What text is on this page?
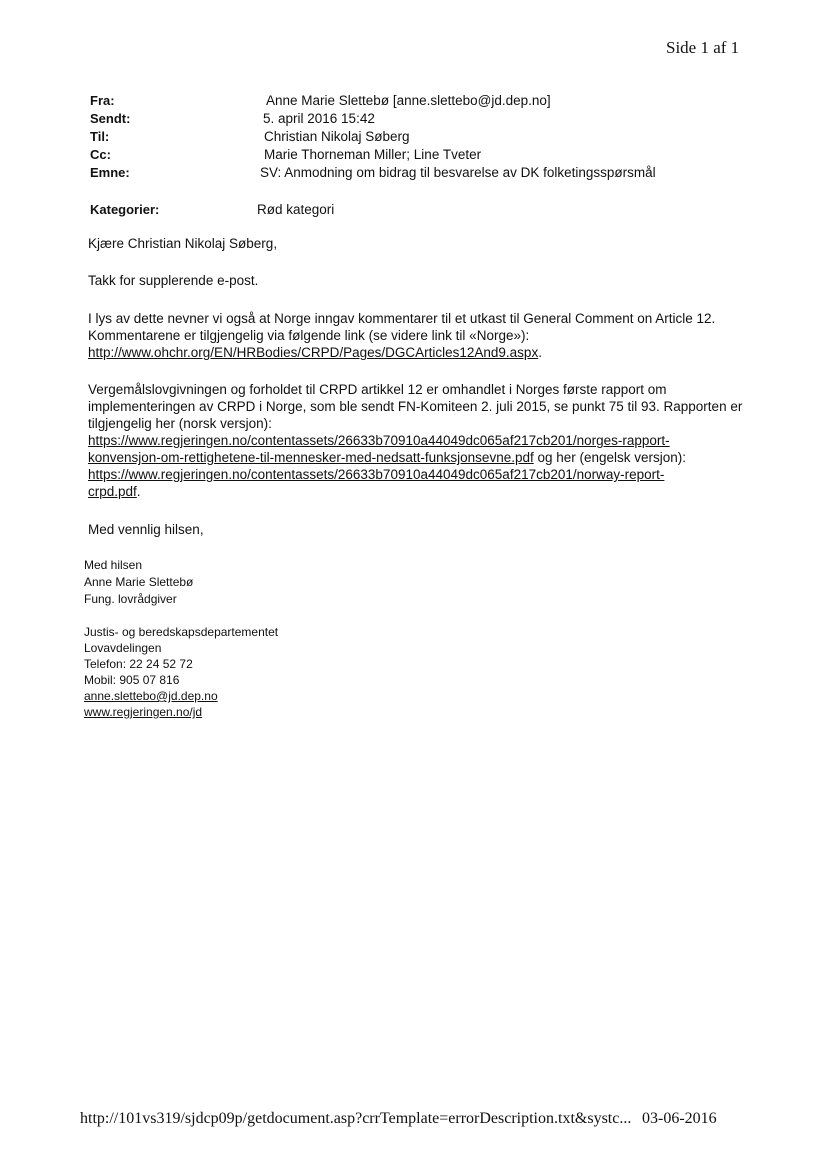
Side 1 af 1
Fra:	Anne Marie Slettebø [anne.slettebo@jd.dep.no]
Sendt:	5. april 2016 15:42
Til:	Christian Nikolaj Søberg
Cc:	Marie Thorneman Miller; Line Tveter
Emne:	SV: Anmodning om bidrag til besvarelse av DK folketingsspørsmål
Kategorier:	Rød kategori
Kjære Christian Nikolaj Søberg,
Takk for supplerende e-post.
I lys av dette nevner vi også at Norge inngav kommentarer til et utkast til General Comment on Article 12.
Kommentarene er tilgjengelig via følgende link (se videre link til «Norge»):
http://www.ohchr.org/EN/HRBodies/CRPD/Pages/DGCArticles12And9.aspx.
Vergemålslovgivningen og forholdet til CRPD artikkel 12 er omhandlet i Norges første rapport om
implementeringen av CRPD i Norge, som ble sendt FN-Komiteen 2. juli 2015, se punkt 75 til 93. Rapporten er
tilgjengelig her (norsk versjon):
https://www.regjeringen.no/contentassets/26633b70910a44049dc065af217cb201/norges-rapport-
konvensjon-om-rettighetene-til-mennesker-med-nedsatt-funksjonsevne.pdf og her (engelsk versjon):
https://www.regjeringen.no/contentassets/26633b70910a44049dc065af217cb201/norway-report-
crpd.pdf.
Med vennlig hilsen,
Med hilsen
Anne Marie Slettebø
Fung. lovrådgiver
Justis- og beredskapsdepartementet
Lovavdelingen
Telefon: 22 24 52 72
Mobil: 905 07 816
anne.slettebo@jd.dep.no
www.regjeringen.no/jd
http://101vs319/sjdcp09p/getdocument.asp?crrTemplate=errorDescription.txt&systc... 03-06-2016
